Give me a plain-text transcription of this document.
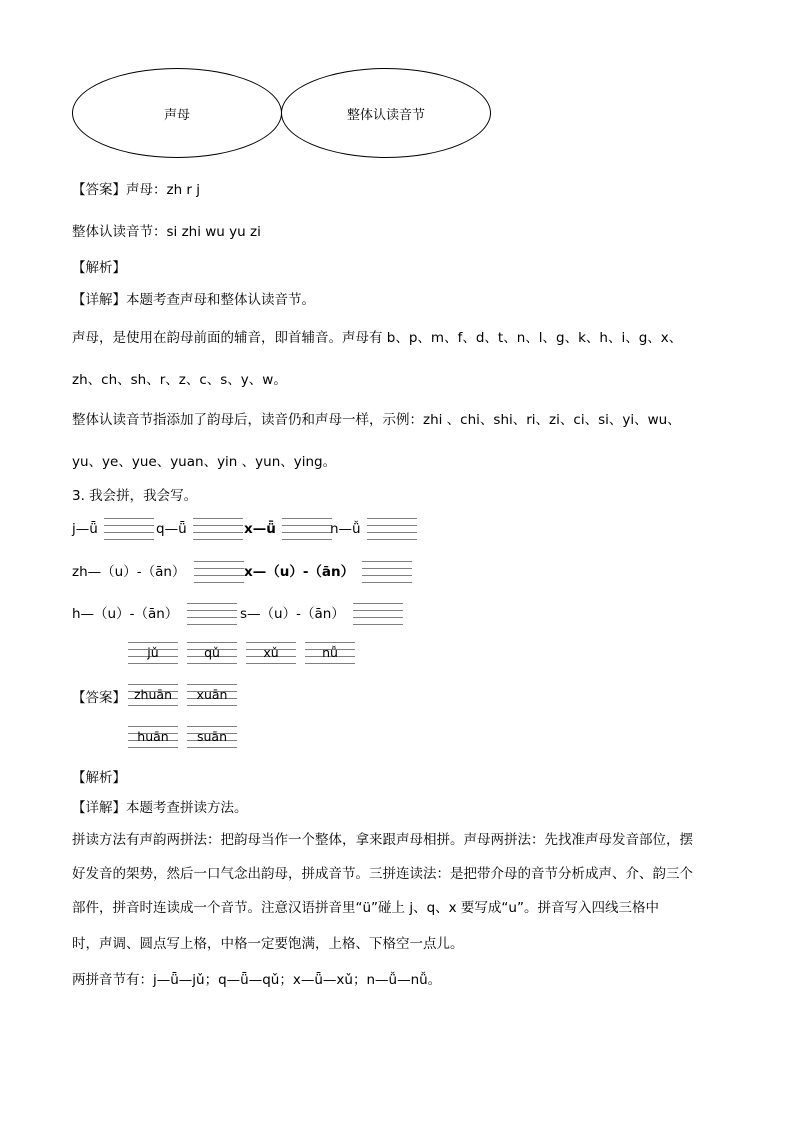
声母	整体认读音节
【答案】声母：zh r j
整体认读音节：si zhi wu yu zi
【解析】
【详解】本题考查声母和整体认读音节。
声母，是使用在韵母前面的辅音，即首辅音。声母有 b、p、m、f、d、t、n、l、g、k、h、i、g、x、
zh、ch、sh、r、z、c、s、y、w。
整体认读音节指添加了韵母后，读音仍和声母一样，示例：zhi 、chi、shi、ri、zi、ci、si、yi、wu、
yu、ye、yue、yuan、yin 、yun、ying。
3. 我会拼，我会写。
j—ǖ	q—ǖ	x—ǖ	n—ǚ
zh—（u）-（ān）	x—（u）-（ān）
h—（u）-（ān）	s—（u）-（ān）
jǔ	qǔ	xǔ	nǚ
【答案】 zhuān	xuān
huān	suān
【解析】
【详解】本题考查拼读方法。
拼读方法有声韵两拼法：把韵母当作一个整体，拿来跟声母相拼。声母两拼法：先找准声母发音部位，摆
好发音的架势，然后一口气念出韵母，拼成音节。三拼连读法：是把带介母的音节分析成声、介、韵三个
部件，拼音时连读成一个音节。注意汉语拼音里“ü”碰上 j、q、x 要写成“u”。拼音写入四线三格中
时，声调、圆点写上格，中格一定要饱满，上格、下格空一点儿。
两拼音节有：j—ǖ—jǔ；q—ǖ—qǔ；x—ǖ—xǔ；n—ǚ—nǚ。
